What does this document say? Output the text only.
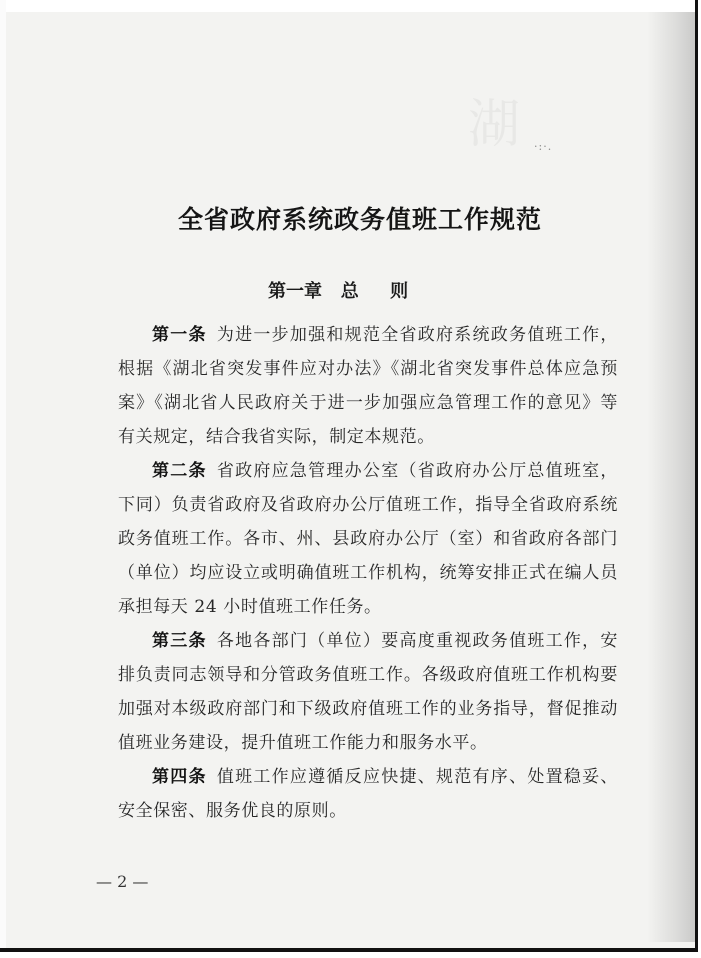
湖 ·:·.
全省政府系统政务值班工作规范
第一章   总     则

第一条 为进一步加强和规范全省政府系统政务值班工作，根据《湖北省突发事件应对办法》《湖北省突发事件总体应急预案》《湖北省人民政府关于进一步加强应急管理工作的意见》等有关规定，结合我省实际，制定本规范。

第二条 省政府应急管理办公室（省政府办公厅总值班室，下同）负责省政府及省政府办公厅值班工作，指导全省政府系统政务值班工作。各市、州、县政府办公厅（室）和省政府各部门（单位）均应设立或明确值班工作机构，统筹安排正式在编人员承担每天 24 小时值班工作任务。

第三条 各地各部门（单位）要高度重视政务值班工作，安排负责同志领导和分管政务值班工作。各级政府值班工作机构要加强对本级政府部门和下级政府值班工作的业务指导，督促推动值班业务建设，提升值班工作能力和服务水平。

第四条 值班工作应遵循反应快捷、规范有序、处置稳妥、安全保密、服务优良的原则。

— 2 —
